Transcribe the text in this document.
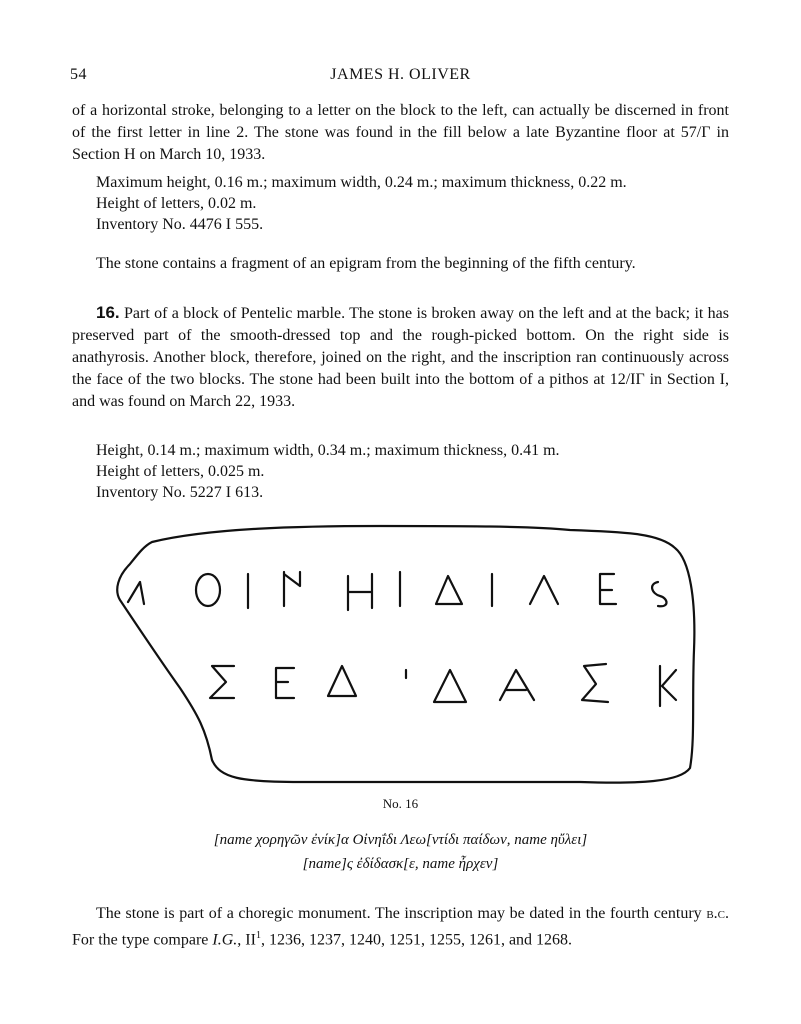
54	JAMES H. OLIVER
of a horizontal stroke, belonging to a letter on the block to the left, can actually be discerned in front of the first letter in line 2. The stone was found in the fill below a late Byzantine floor at 57/Γ in Section H on March 10, 1933.
Maximum height, 0.16 m.; maximum width, 0.24 m.; maximum thickness, 0.22 m.
Height of letters, 0.02 m.
Inventory No. 4476 I 555.
The stone contains a fragment of an epigram from the beginning of the fifth century.
16. Part of a block of Pentelic marble. The stone is broken away on the left and at the back; it has preserved part of the smooth-dressed top and the rough-picked bottom. On the right side is anathyrosis. Another block, therefore, joined on the right, and the inscription ran continuously across the face of the two blocks. The stone had been built into the bottom of a pithos at 12/ΙΓ in Section I, and was found on March 22, 1933.
Height, 0.14 m.; maximum width, 0.34 m.; maximum thickness, 0.41 m.
Height of letters, 0.025 m.
Inventory No. 5227 I 613.
No. 16
[name χορηγῶν ἐνίκ]α Οἰνηΐδι Λεω[ντίδι παίδων, name ηὔλει]
[name]ς ἐδίδασκ[ε, name ἦρχεν]
The stone is part of a choregic monument. The inscription may be dated in the fourth century b.c. For the type compare I.G., $II^1$, 1236, 1237, 1240, 1251, 1255, 1261, and 1268.
